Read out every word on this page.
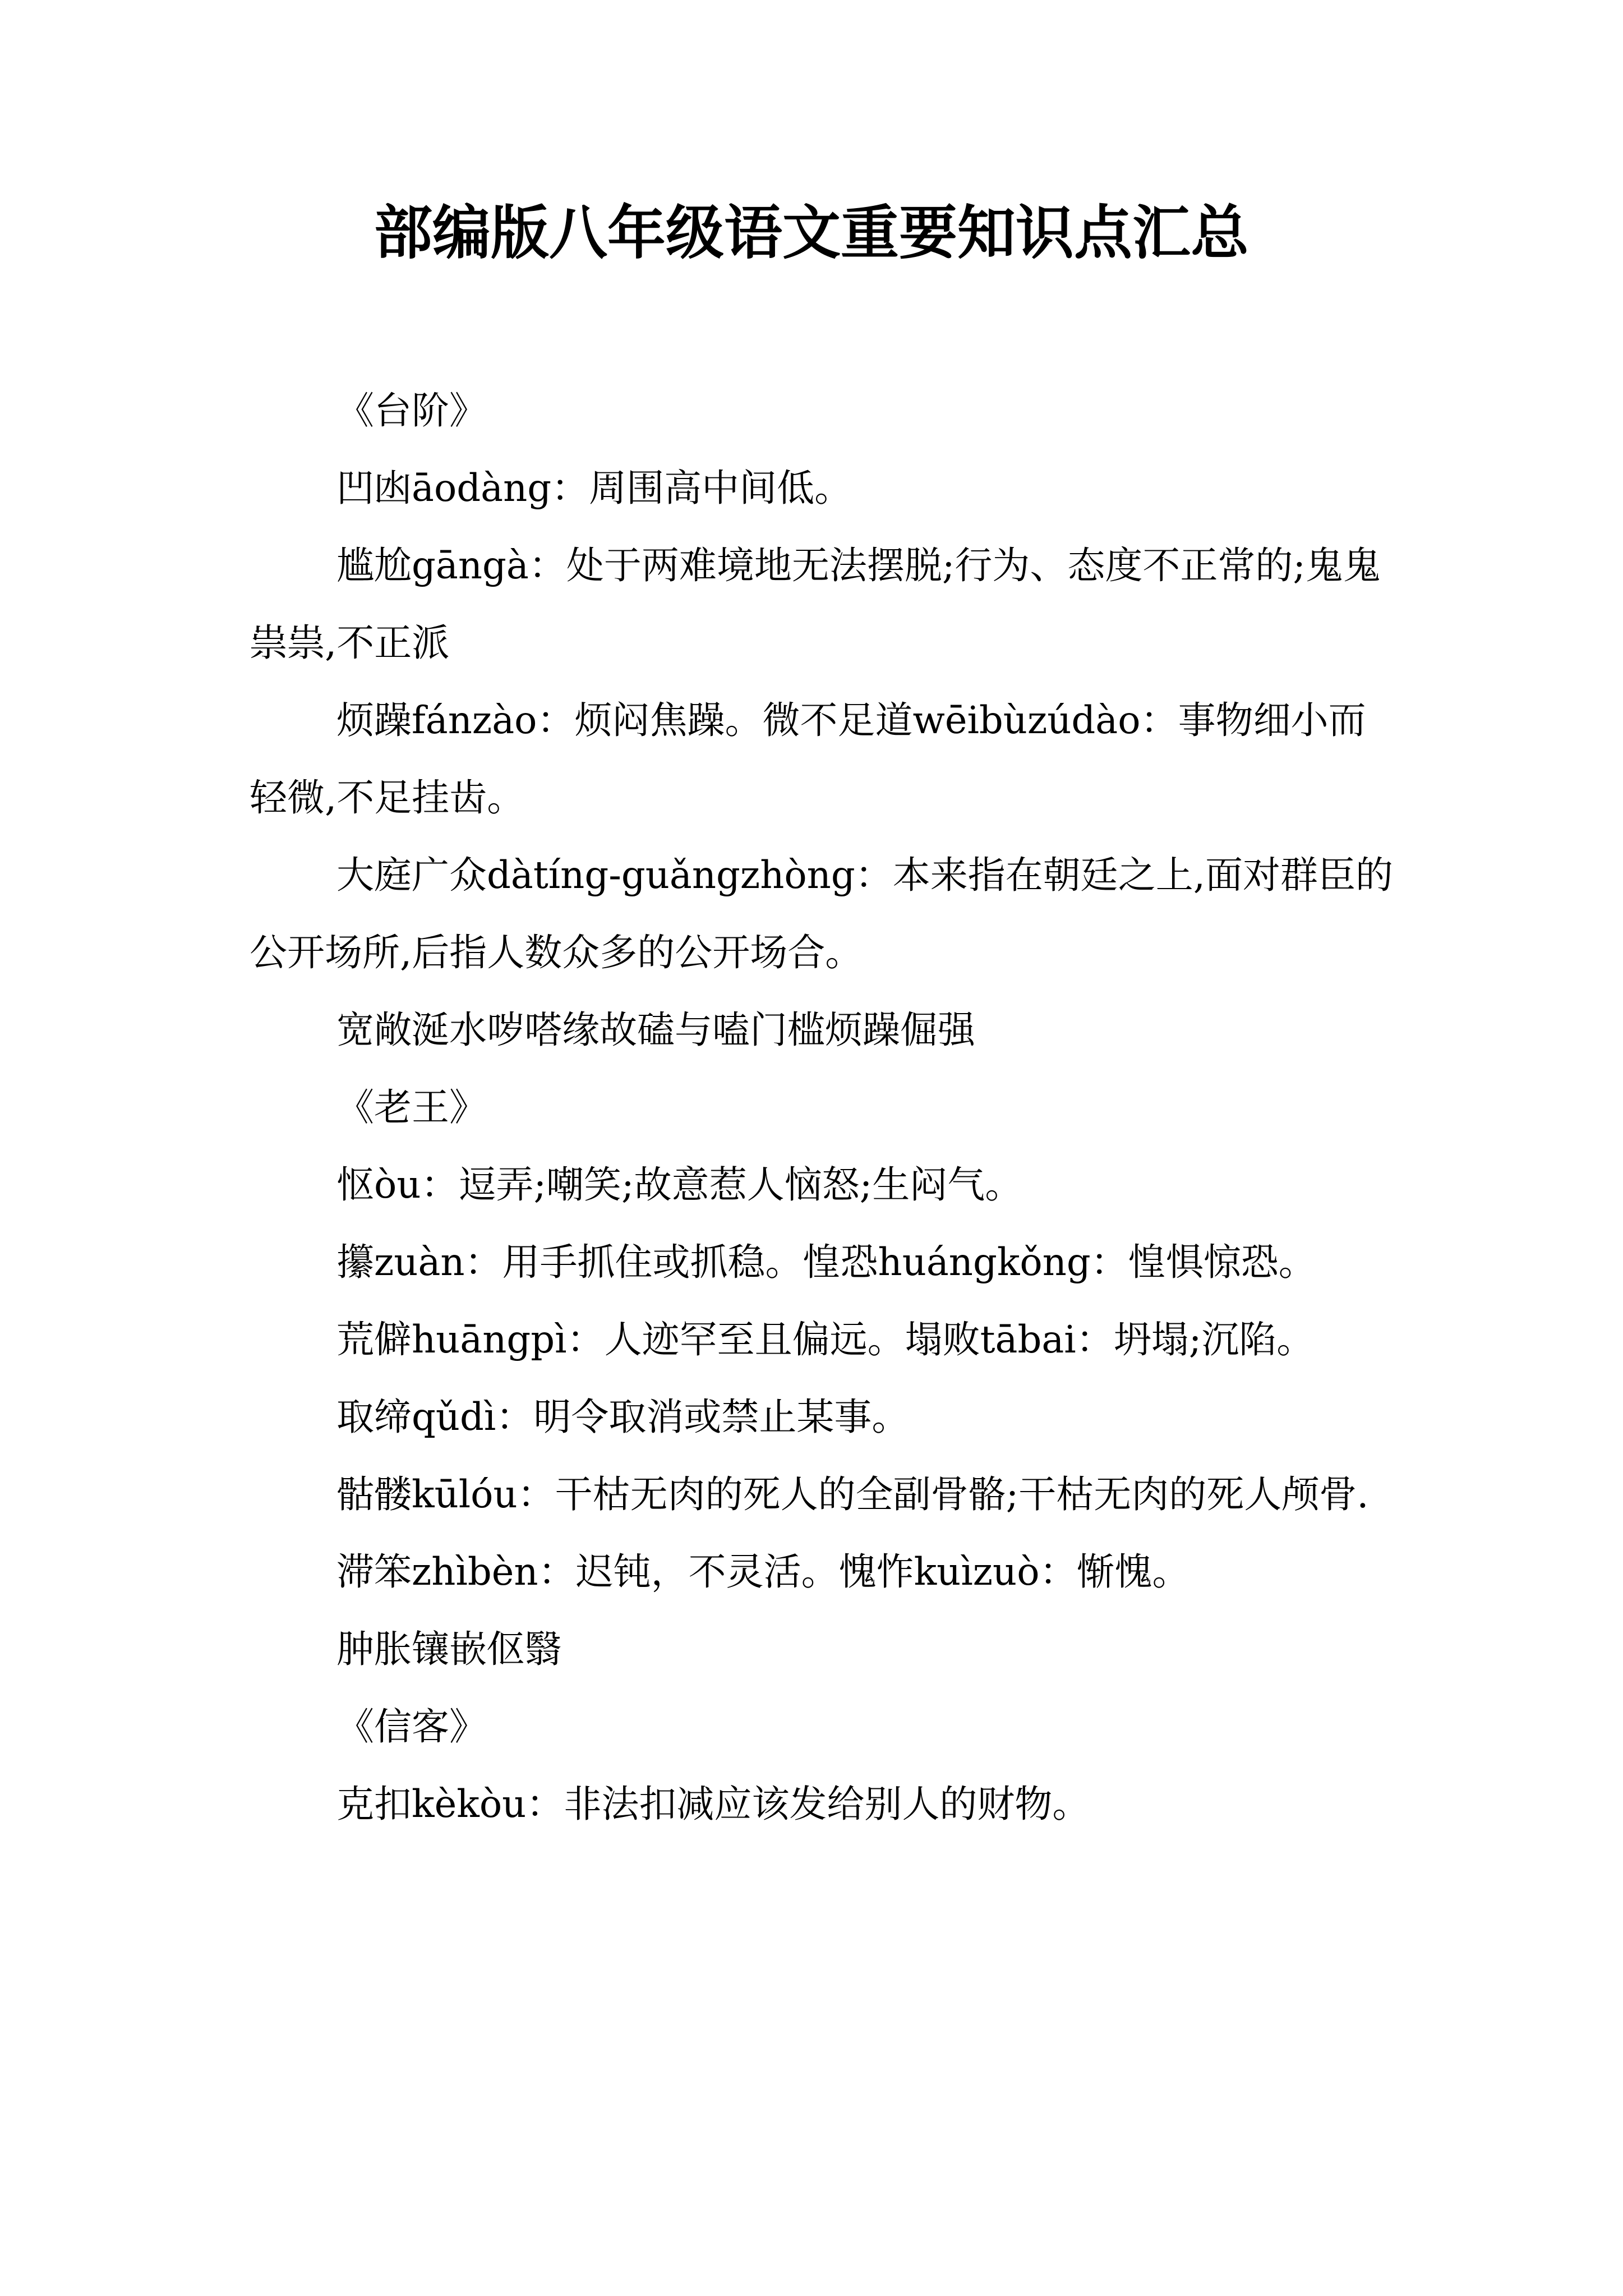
部编版八年级语文重要知识点汇总

《台阶》

凹凼āodàng：周围高中间低。

尴尬gāngà：处于两难境地无法摆脱;行为、态度不正常的;鬼鬼祟祟,不正派

烦躁fánzào：烦闷焦躁。微不足道wēibùzúdào：事物细小而轻微,不足挂齿。

大庭广众dàtíng-guǎngzhòng：本来指在朝廷之上,面对群臣的公开场所,后指人数众多的公开场合。

宽敞涎水哕嗒缘故磕与嗑门槛烦躁倔强

《老王》

怄òu：逗弄;嘲笑;故意惹人恼怒;生闷气。

攥zuàn：用手抓住或抓稳。惶恐huángkǒng：惶惧惊恐。

荒僻huāngpì：人迹罕至且偏远。塌败tābai：坍塌;沉陷。

取缔qǔdì：明令取消或禁止某事。

骷髅kūlóu：干枯无肉的死人的全副骨骼;干枯无肉的死人颅骨.

滞笨zhìbèn：迟钝，不灵活。愧怍kuìzuò：惭愧。

肿胀镶嵌伛翳

《信客》

克扣kèkòu：非法扣减应该发给别人的财物。
